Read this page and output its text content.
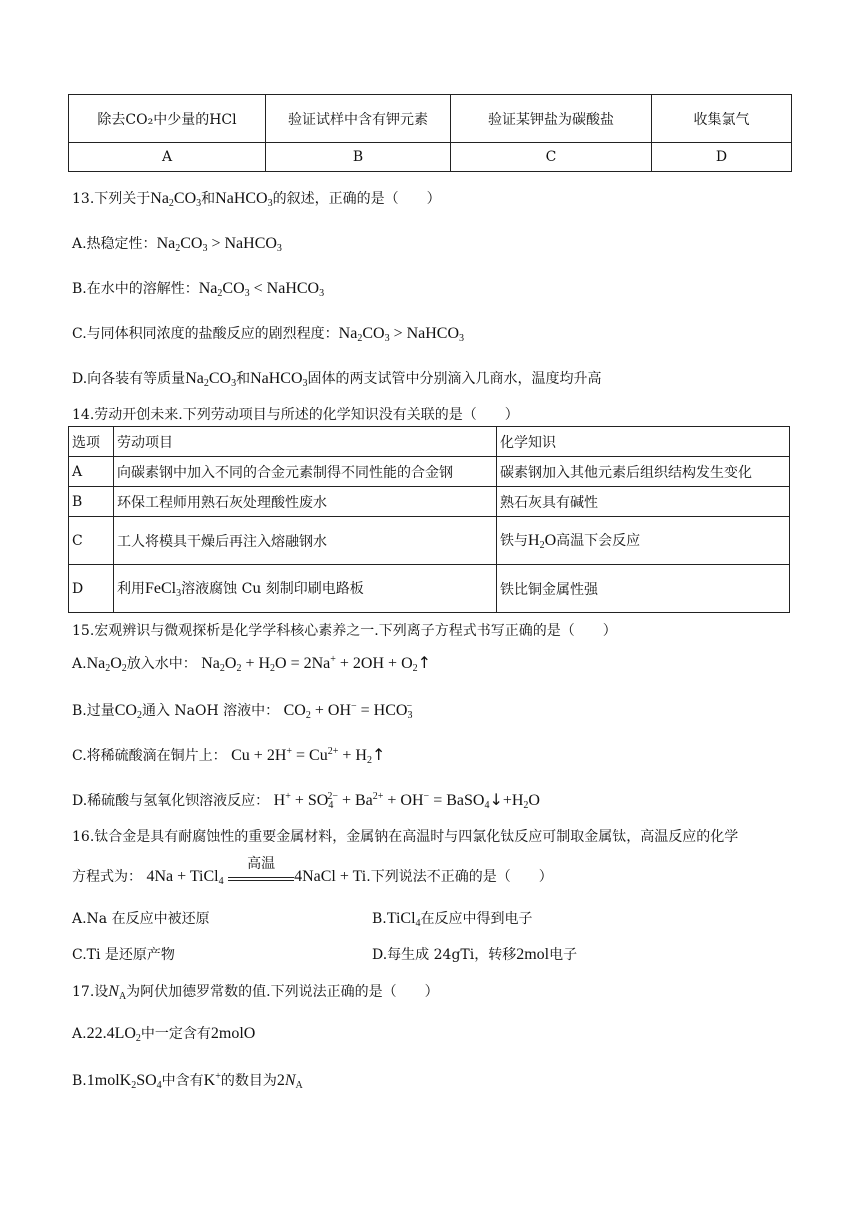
除去CO₂中少量的HCl	验证试样中含有钾元素	验证某钾盐为碳酸盐	收集氯气
A	B	C	D
13.下列关于$Na_2CO_3$和NaHCO$_3$的叙述，正确的是（　　）
A.热稳定性：$Na_2CO_3$ > NaHCO$_3$
B.在水中的溶解性：$Na_2CO_3$ < NaHCO$_3$
C.与同体积同浓度的盐酸反应的剧烈程度：$Na_2CO_3$ > NaHCO$_3$
D.向各装有等质量$Na_2CO_3$和NaHCO$_3$固体的两支试管中分别滴入几商水，温度均升高
14.劳动开创未来.下列劳动项目与所述的化学知识没有关联的是（　　）
选项	劳动项目	化学知识
A	向碳素钢中加入不同的合金元素制得不同性能的合金钢	碳素钢加入其他元素后组织结构发生变化
B	环保工程师用熟石灰处理酸性废水	熟石灰具有碱性
C	工人将模具干燥后再注入熔融钢水	铁与$H_2O$高温下会反应
D	利用FeCl$_3$溶液腐蚀 Cu 刻制印刷电路板	铁比铜金属性强
15.宏观辨识与微观探析是化学学科核心素养之一.下列离子方程式书写正确的是（　　）
$A.Na_2O_2$放入水中： $Na_2O_2 + H_2O = 2Na^+ + 2OH$ + $O_2↑$
B.过量$CO_2$通入 NaOH 溶液中： $CO_2 + OH^- = HCO_3^-$
C.将稀硫酸滴在铜片上： $Cu + 2H^+ = Cu^{2+}$ + $H_2↑$
D.稀硫酸与氢氧化钡溶液反应： $H^+ + SO_4^{2-} + Ba^{2+} + OH^-$ = $BaSO_4↓+H_2O$
16.钛合金是具有耐腐蚀性的重要金属材料，金属钠在高温时与四氯化钛反应可制取金属钛，高温反应的化学
方程式为： 4Na + TiCl$_4$
高温
4NaCl + Ti.下列说法不正确的是（　　）
A.Na 在反应中被还原	B.TiCl$_4$在反应中得到电子
C.Ti 是还原产物	D.每生成 24gTi，转移2mol电子
17.设$N_A$为阿伏加德罗常数的值.下列说法正确的是（　　）
$A.22.4LO_2$中一定含有2molO
$B.1molK_2SO_4$中含有K+的数目为$2N_A$
